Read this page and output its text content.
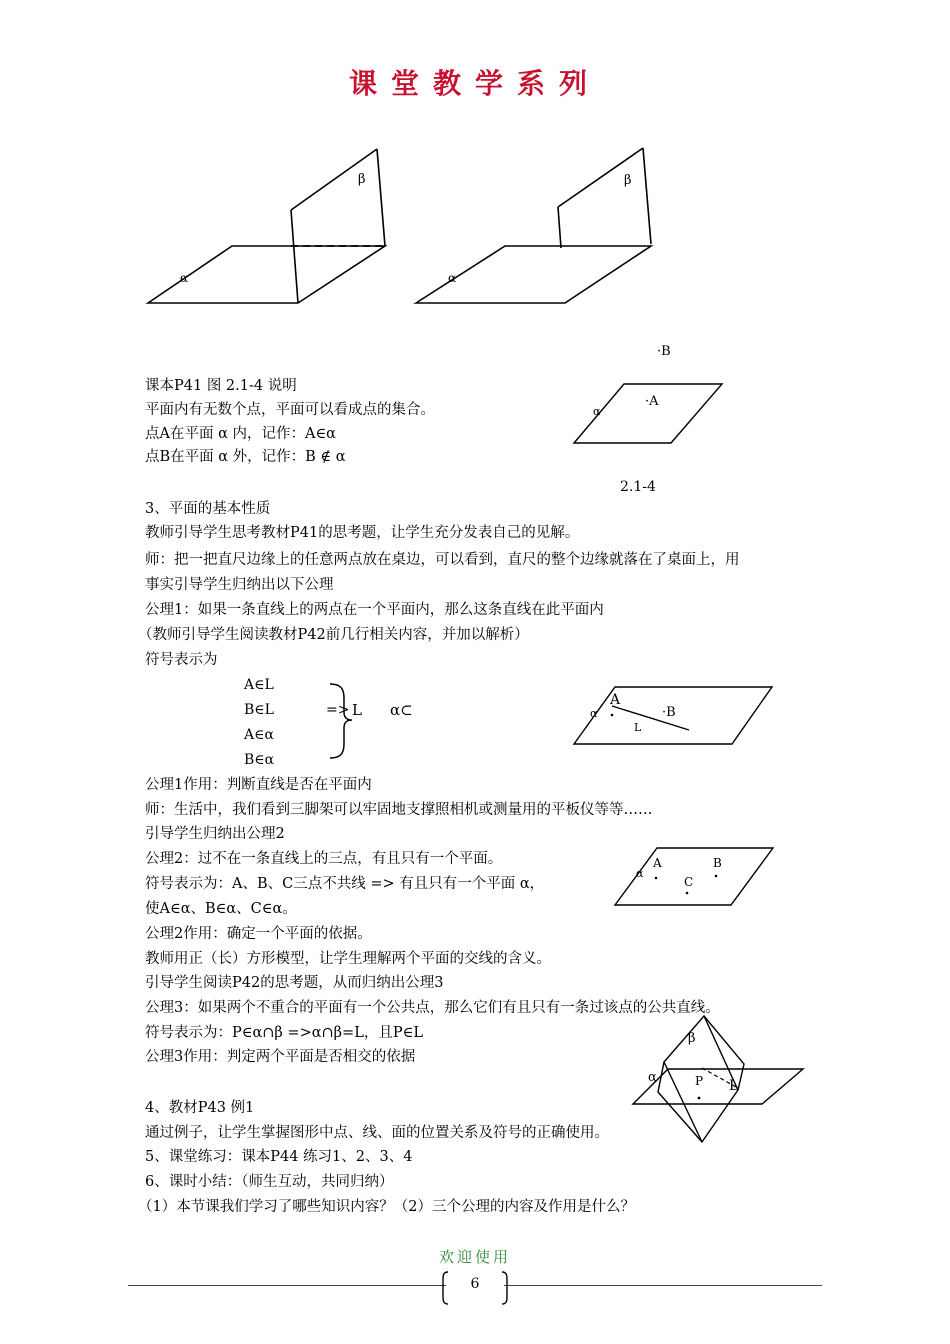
课堂教学系列
α
β
α
β
·B
·A
α
2.1-4
课本P41 图 2.1-4 说明
平面内有无数个点，平面可以看成点的集合。
点A在平面 α 内，记作：A∈α
点B在平面 α 外，记作：B ∉ α
3、平面的基本性质
教师引导学生思考教材P41的思考题，让学生充分发表自己的见解。
师：把一把直尺边缘上的任意两点放在桌边，可以看到，直尺的整个边缘就落在了桌面上，用
事实引导学生归纳出以下公理
公理1：如果一条直线上的两点在一个平面内，那么这条直线在此平面内
（教师引导学生阅读教材P42前几行相关内容，并加以解析）
符号表示为
A∈L
B∈L
A∈α
B∈α
=> L α⊂
A
·B
L
α
公理1作用：判断直线是否在平面内
师：生活中，我们看到三脚架可以牢固地支撑照相机或测量用的平板仪等等……
引导学生归纳出公理2
公理2：过不在一条直线上的三点，有且只有一个平面。
符号表示为：A、B、C三点不共线 => 有且只有一个平面 α，
使A∈α、B∈α、C∈α。
公理2作用：确定一个平面的依据。
教师用正（长）方形模型，让学生理解两个平面的交线的含义。
引导学生阅读P42的思考题，从而归纳出公理3
公理3：如果两个不重合的平面有一个公共点，那么它们有且只有一条过该点的公共直线。
符号表示为：P∈α∩β =>α∩β=L，且P∈L
公理3作用：判定两个平面是否相交的依据
A	B
C
α
β
α	P L
4、教材P43 例1
通过例子，让学生掌握图形中点、线、面的位置关系及符号的正确使用。
5、课堂练习：课本P44 练习1、2、3、4
6、课时小结：（师生互动，共同归纳）
（1）本节课我们学习了哪些知识内容？（2）三个公理的内容及作用是什么？
欢迎使用
6
